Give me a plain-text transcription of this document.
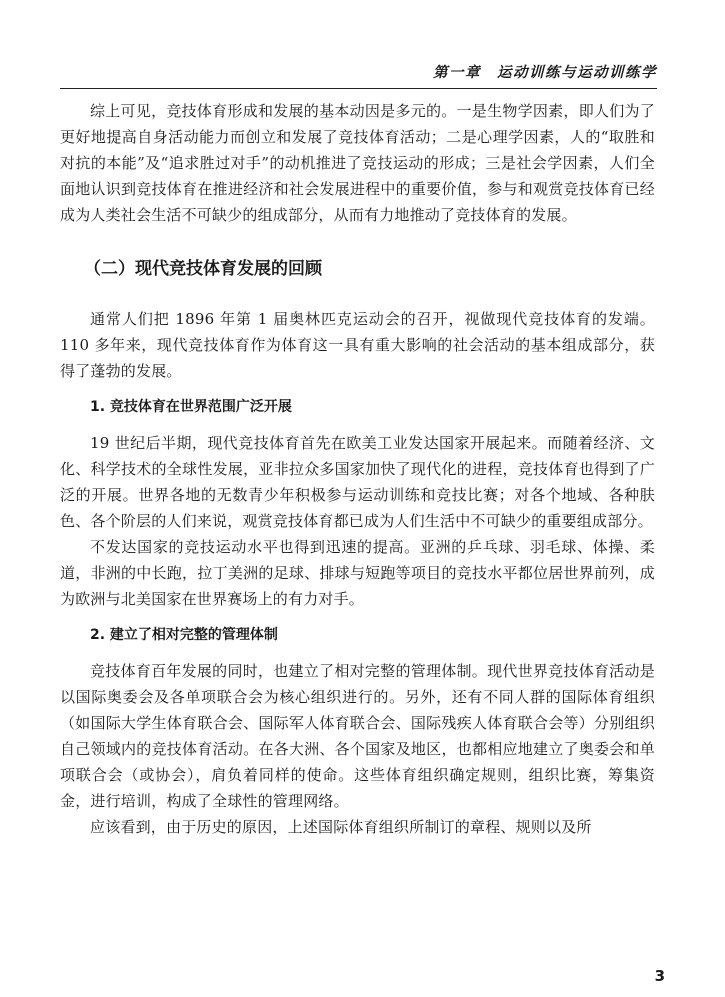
第一章　运动训练与运动训练学

综上可见，竞技体育形成和发展的基本动因是多元的。一是生物学因素，即人们为了更好地提高自身活动能力而创立和发展了竞技体育活动；二是心理学因素，人的“取胜和对抗的本能”及“追求胜过对手”的动机推进了竞技运动的形成；三是社会学因素，人们全面地认识到竞技体育在推进经济和社会发展进程中的重要价值，参与和观赏竞技体育已经成为人类社会生活不可缺少的组成部分，从而有力地推动了竞技体育的发展。

（二）现代竞技体育发展的回顾

通常人们把 1896 年第 1 届奥林匹克运动会的召开，视做现代竞技体育的发端。110 多年来，现代竞技体育作为体育这一具有重大影响的社会活动的基本组成部分，获得了蓬勃的发展。

1. 竞技体育在世界范围广泛开展

19 世纪后半期，现代竞技体育首先在欧美工业发达国家开展起来。而随着经济、文化、科学技术的全球性发展，亚非拉众多国家加快了现代化的进程，竞技体育也得到了广泛的开展。世界各地的无数青少年积极参与运动训练和竞技比赛；对各个地域、各种肤色、各个阶层的人们来说，观赏竞技体育都已成为人们生活中不可缺少的重要组成部分。

不发达国家的竞技运动水平也得到迅速的提高。亚洲的乒乓球、羽毛球、体操、柔道，非洲的中长跑，拉丁美洲的足球、排球与短跑等项目的竞技水平都位居世界前列，成为欧洲与北美国家在世界赛场上的有力对手。

2. 建立了相对完整的管理体制

竞技体育百年发展的同时，也建立了相对完整的管理体制。现代世界竞技体育活动是以国际奥委会及各单项联合会为核心组织进行的。另外，还有不同人群的国际体育组织（如国际大学生体育联合会、国际军人体育联合会、国际残疾人体育联合会等）分别组织自己领域内的竞技体育活动。在各大洲、各个国家及地区，也都相应地建立了奥委会和单项联合会（或协会），肩负着同样的使命。这些体育组织确定规则，组织比赛，筹集资金，进行培训，构成了全球性的管理网络。

应该看到，由于历史的原因，上述国际体育组织所制订的章程、规则以及所

3
